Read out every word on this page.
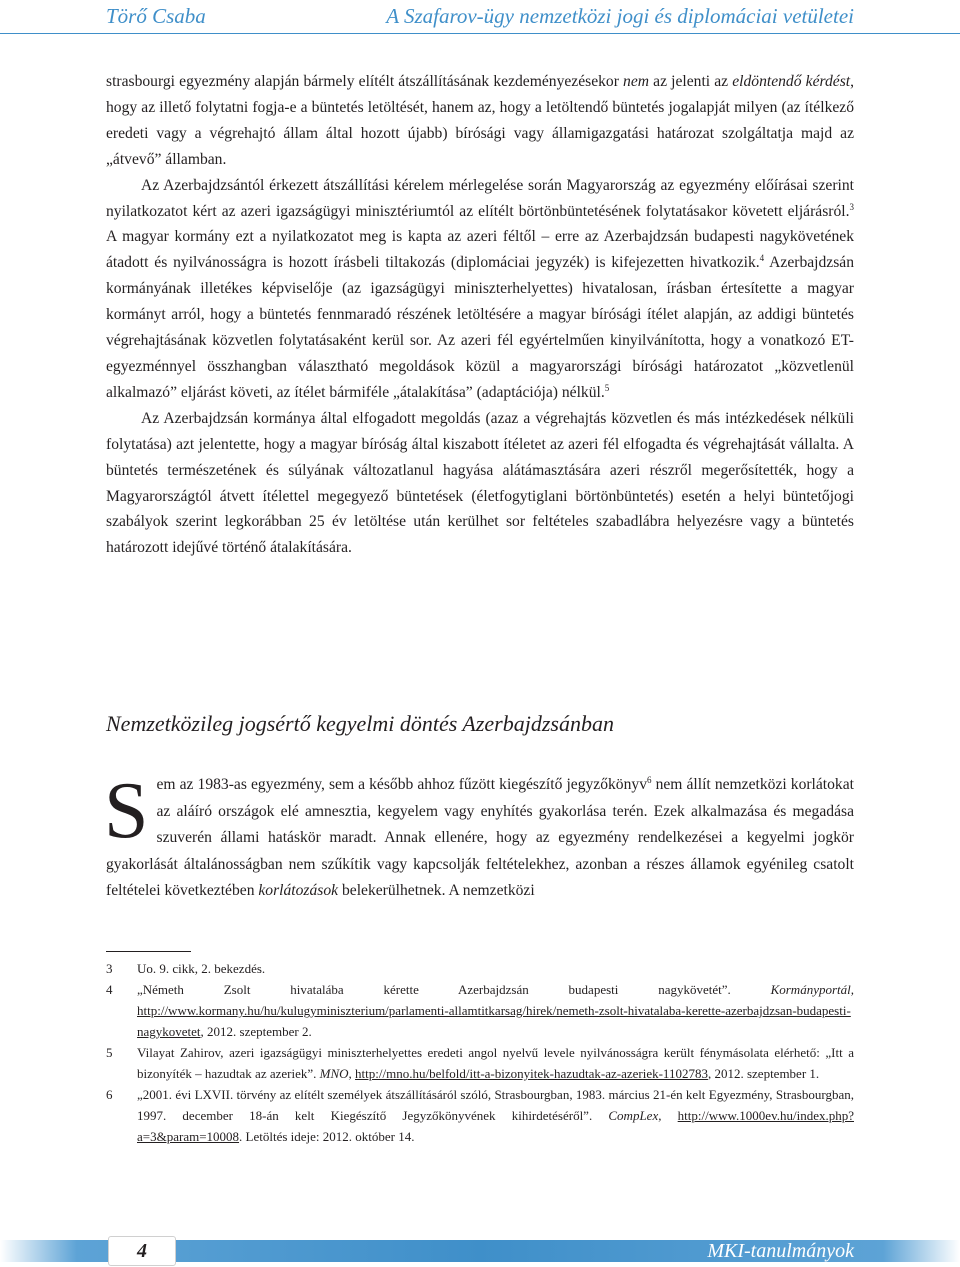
Törő Csaba	A Szafarov-ügy nemzetközi jogi és diplomáciai vetületei

strasbourgi egyezmény alapján bármely elítélt átszállításának kezdeményezésekor nem az jelenti az eldöntendő kérdést, hogy az illető folytatni fogja-e a büntetés letöltését, hanem az, hogy a letöltendő büntetés jogalapját milyen (az ítélkező eredeti vagy a végrehajtó állam által hozott újabb) bírósági vagy államigazgatási határozat szolgáltatja majd az „átvevő” államban.

Az Azerbajdzsántól érkezett átszállítási kérelem mérlegelése során Magyarország az egyezmény előírásai szerint nyilatkozatot kért az azeri igazságügyi minisztériumtól az elítélt börtönbüntetésének folytatásakor követett eljárásról.$^3$ A magyar kormány ezt a nyilatkozatot meg is kapta az azeri féltől – erre az Azerbajdzsán budapesti nagykövetének átadott és nyilvánosságra is hozott írásbeli tiltakozás (diplomáciai jegyzék) is kifejezetten hivatkozik.$^4$ Azerbajdzsán kormányának illetékes képviselője (az igazságügyi miniszterhelyettes) hivatalosan, írásban értesítette a magyar kormányt arról, hogy a büntetés fennmaradó részének letöltésére a magyar bírósági ítélet alapján, az addigi büntetés végrehajtásának közvetlen folytatásaként kerül sor. Az azeri fél egyértelműen kinyilvánította, hogy a vonatkozó ET-egyezménnyel összhangban választható megoldások közül a magyarországi bírósági határozatot „közvetlenül alkalmazó” eljárást követi, az ítélet bármiféle „átalakítása” (adaptációja) nélkül.$^5$

Az Azerbajdzsán kormánya által elfogadott megoldás (azaz a végrehajtás közvetlen és más intézkedések nélküli folytatása) azt jelentette, hogy a magyar bíróság által kiszabott ítéletet az azeri fél elfogadta és végrehajtását vállalta. A büntetés természetének és súlyának változatlanul hagyása alátámasztására azeri részről megerősítették, hogy a Magyarországtól átvett ítélettel megegyező büntetések (életfogytiglani börtönbüntetés) esetén a helyi büntetőjogi szabályok szerint legkorábban 25 év letöltése után kerülhet sor feltételes szabadlábra helyezésre vagy a büntetés határozott idejűvé történő átalakítására.

Nemzetközileg jogsértő kegyelmi döntés Azerbajdzsánban

Sem az 1983-as egyezmény, sem a később ahhoz fűzött kiegészítő jegyzőkönyv$^6$ nem állít nemzetközi korlátokat az aláíró országok elé amnesztia, kegyelem vagy enyhítés gyakorlása terén. Ezek alkalmazása és megadása szuverén állami hatáskör maradt. Annak ellenére, hogy az egyezmény rendelkezései a kegyelmi jogkör gyakorlását általánosságban nem szűkítik vagy kapcsolják feltételekhez, azonban a részes államok egyénileg csatolt feltételei következtében korlátozások belekerülhetnek. A nemzetközi

3 Uo. 9. cikk, 2. bekezdés.
4 „Németh Zsolt hivatalába kérette Azerbajdzsán budapesti nagykövetét”. Kormányportál, http://www.kormany.hu/hu/kulugyminiszterium/parlamenti-allamtitkarsag/hirek/nemeth-zsolt-hivatalaba-kerette-azerbajdzsan-budapesti-nagykovetet, 2012. szeptember 2.
5 Vilayat Zahirov, azeri igazságügyi miniszterhelyettes eredeti angol nyelvű levele nyilvánosságra került fénymásolata elérhető: „Itt a bizonyíték – hazudtak az azeriek”. MNO, http://mno.hu/belfold/itt-a-bizonyitek-hazudtak-az-azeriek-1102783, 2012. szeptember 1.
6 „2001. évi LXVII. törvény az elítélt személyek átszállításáról szóló, Strasbourgban, 1983. március 21-én kelt Egyezmény, Strasbourgban, 1997. december 18-án kelt Kiegészítő Jegyzőkönyvének kihirdetéséről”. CompLex, http://www.1000ev.hu/index.php?a=3&param=10008. Letöltés ideje: 2012. október 14.
4	MKI-tanulmányok
